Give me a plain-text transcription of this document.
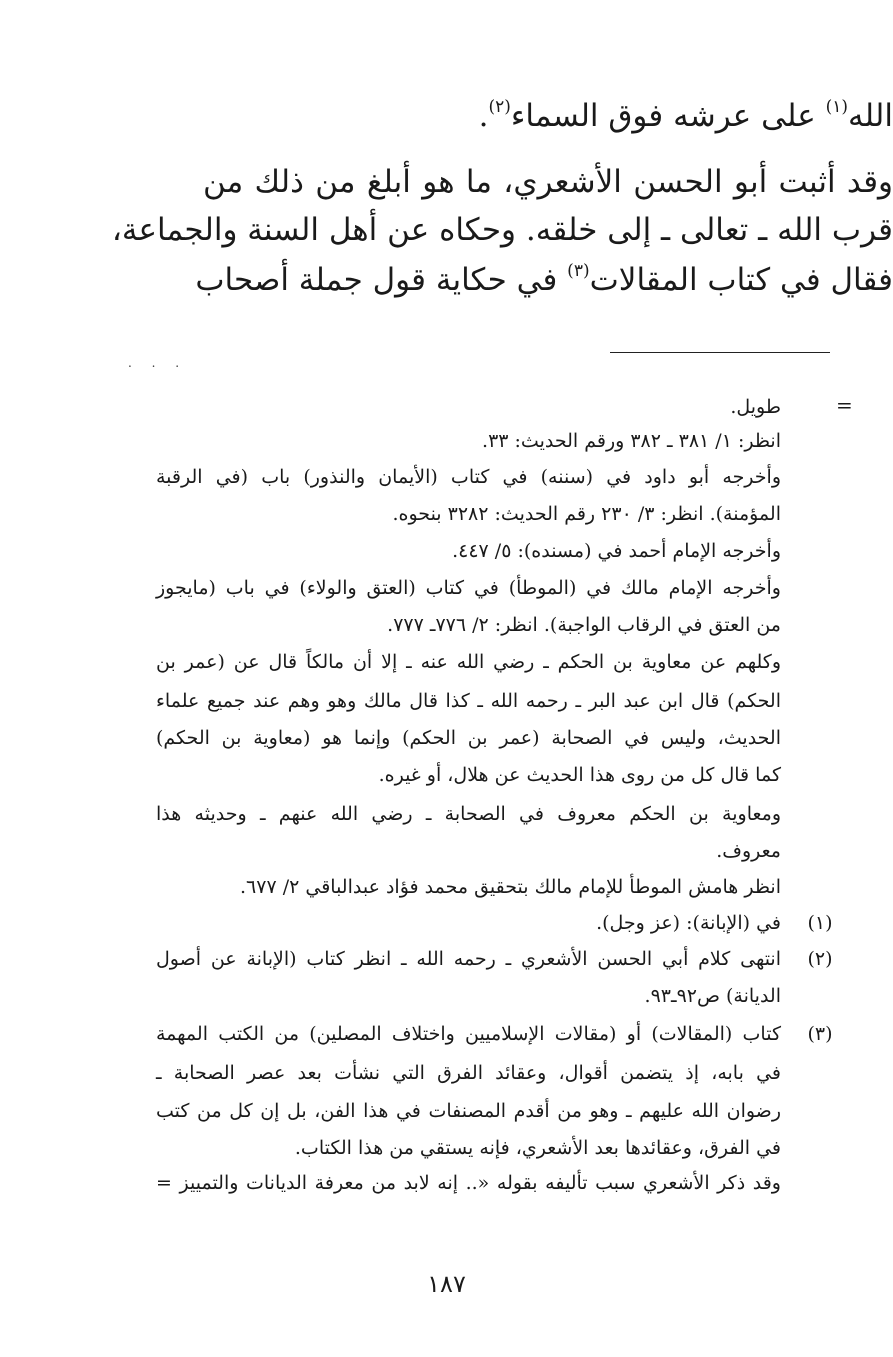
الله$^{(١)}$ على عرشه فوق السماء$^{(٢)}$.
وقد أثبت أبو الحسن الأشعري، ما هو أبلغ من ذلك من
قرب الله ـ تعالى ـ إلى خلقه. وحكاه عن أهل السنة والجماعة،
فقال في كتاب المقالات$^{(٣)}$ في حكاية قول جملة أصحاب
. . .
=
طويل.
انظر: ١/ ٣٨١ ـ ٣٨٢ ورقم الحديث: ٣٣.
وأخرجه أبو داود في (سننه) في كتاب (الأيمان والنذور) باب (في الرقبة
المؤمنة). انظر: ٣/ ٢٣٠ رقم الحديث: ٣٢٨٢ بنحوه.
وأخرجه الإمام أحمد في (مسنده): ٥/ ٤٤٧.
وأخرجه الإمام مالك في (الموطأ) في كتاب (العتق والولاء) في باب (مايجوز
من العتق في الرقاب الواجبة). انظر: ٢/ ٧٧٦ـ ٧٧٧.
وكلهم عن معاوية بن الحكم ـ رضي الله عنه ـ إلا أن مالكاً قال عن (عمر بن
الحكم) قال ابن عبد البر ـ رحمه الله ـ كذا قال مالك وهو وهم عند جميع علماء
الحديث، وليس في الصحابة (عمر بن الحكم) وإنما هو (معاوية بن الحكم)
كما قال كل من روى هذا الحديث عن هلال، أو غيره.
ومعاوية بن الحكم معروف في الصحابة ـ رضي الله عنهم ـ وحديثه هذا
معروف.
انظر هامش الموطأ للإمام مالك بتحقيق محمد فؤاد عبدالباقي ٢/ ٦٧٧.
(١)
في (الإبانة): (عز وجل).
(٢)
انتهى كلام أبي الحسن الأشعري ـ رحمه الله ـ انظر كتاب (الإبانة عن أصول
الديانة) ص٩٢ـ٩٣.
(٣)
كتاب (المقالات) أو (مقالات الإسلاميين واختلاف المصلين) من الكتب المهمة
في بابه، إذ يتضمن أقوال، وعقائد الفرق التي نشأت بعد عصر الصحابة ـ
رضوان الله عليهم ـ وهو من أقدم المصنفات في هذا الفن، بل إن كل من كتب
في الفرق، وعقائدها بعد الأشعري، فإنه يستقي من هذا الكتاب.
وقد ذكر الأشعري سبب تأليفه بقوله «.. إنه لابد من معرفة الديانات والتمييز =
١٨٧
